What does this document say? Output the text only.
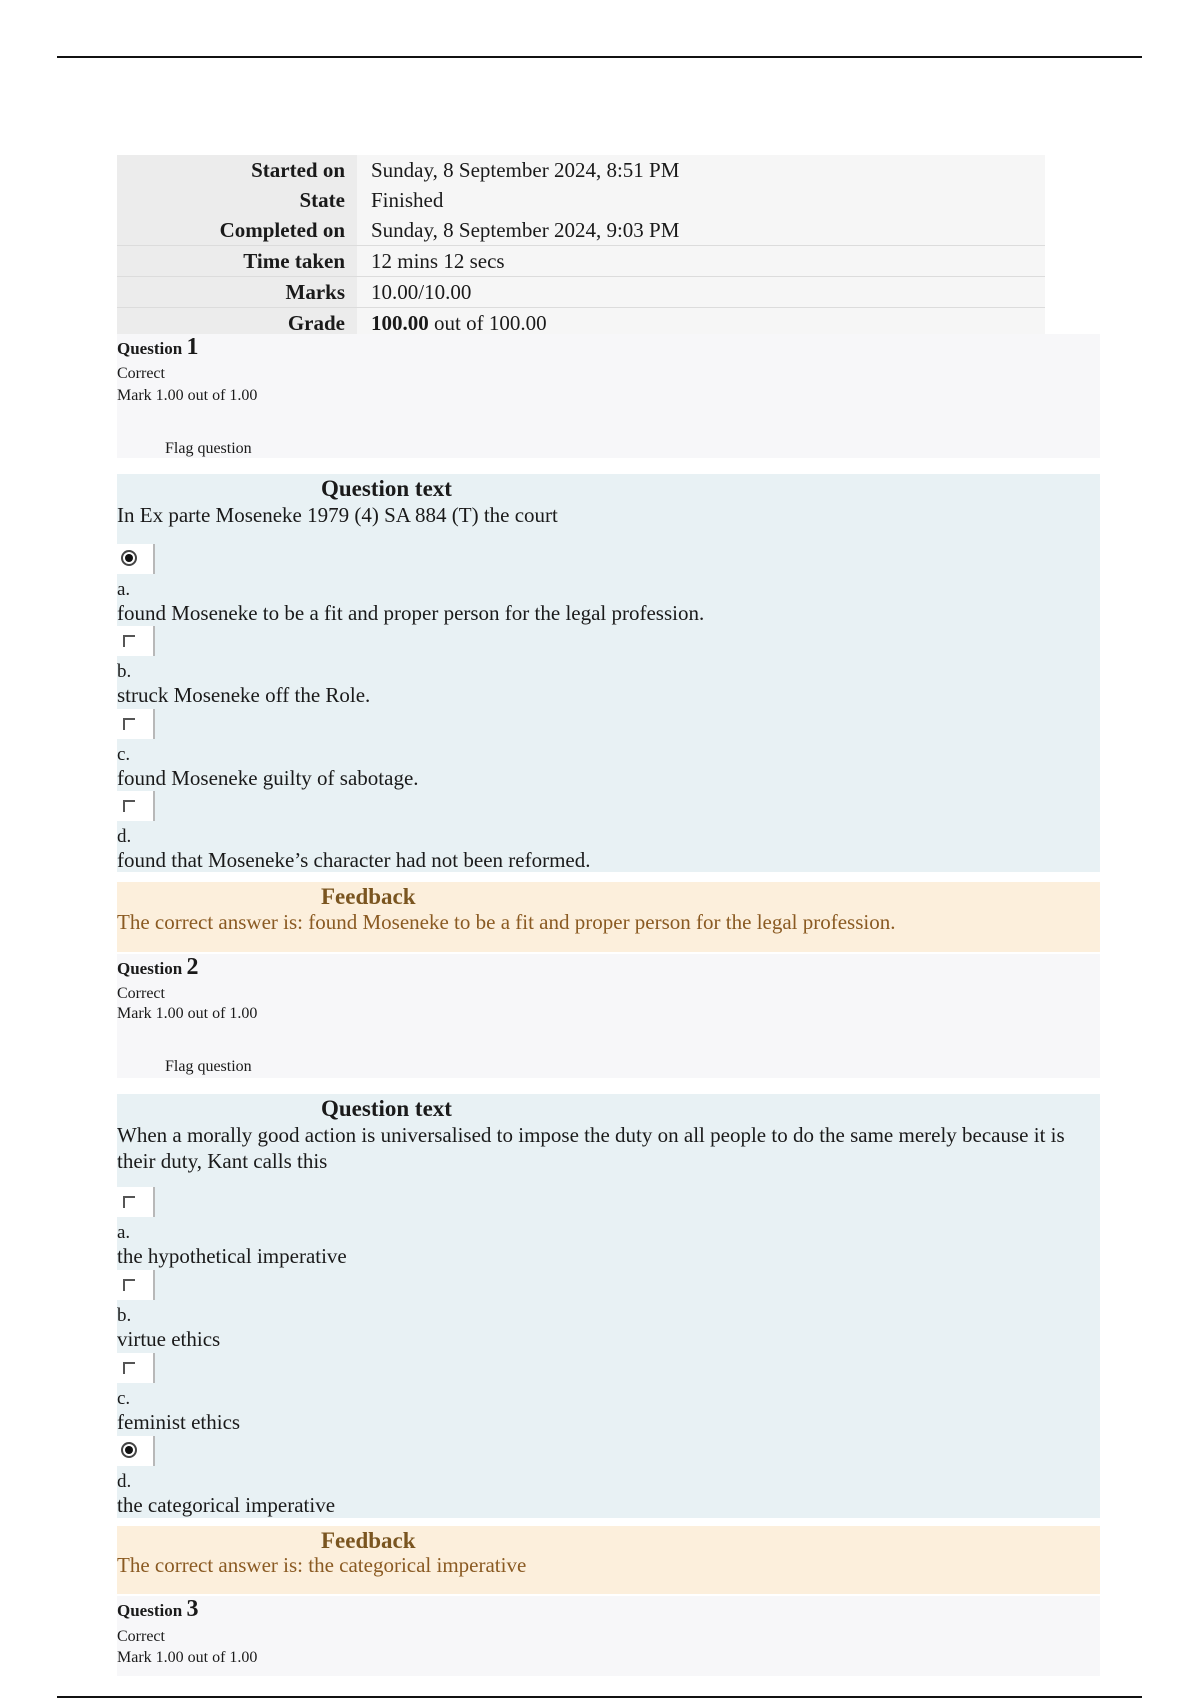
Started on	Sunday, 8 September 2024, 8:51 PM
State	Finished
Completed on	Sunday, 8 September 2024, 9:03 PM
Time taken	12 mins 12 secs
Marks	10.00/10.00
Grade	100.00 out of 100.00
Question 1
Correct
Mark 1.00 out of 1.00
Flag question
Question text
In Ex parte Moseneke 1979 (4) SA 884 (T) the court
a.
found Moseneke to be a fit and proper person for the legal profession.
b.
struck Moseneke off the Role.
c.
found Moseneke guilty of sabotage.
d.
found that Moseneke’s character had not been reformed.
Feedback
The correct answer is: found Moseneke to be a fit and proper person for the legal profession.
Question 2
Correct
Mark 1.00 out of 1.00
Flag question
Question text
When a morally good action is universalised to impose the duty on all people to do the same merely because it is their duty, Kant calls this
a.
the hypothetical imperative
b.
virtue ethics
c.
feminist ethics
d.
the categorical imperative
Feedback
The correct answer is: the categorical imperative
Question 3
Correct
Mark 1.00 out of 1.00
